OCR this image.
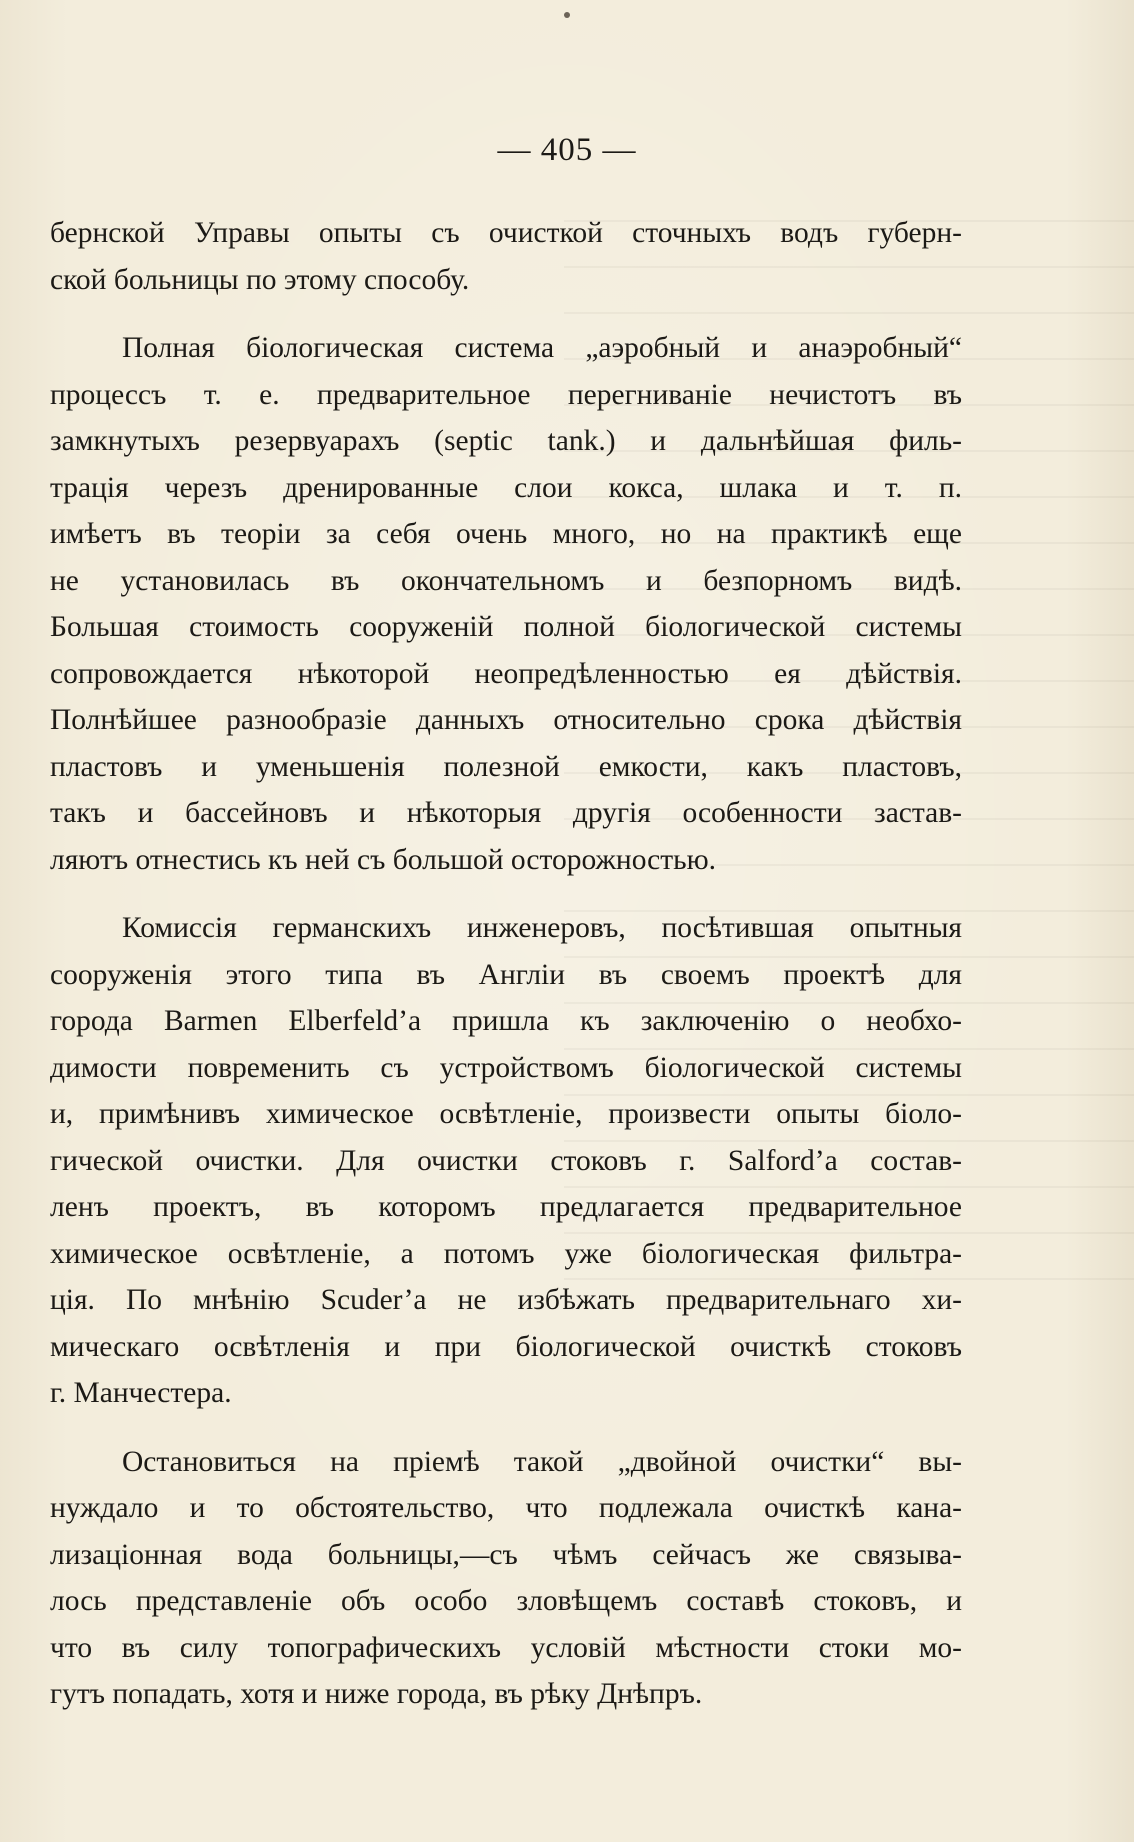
— 405 —

бернской Управы опыты съ очисткой сточныхъ водъ губерн-
ской больницы по этому способу.

Полная біологическая система „аэробный и анаэробный“
процессъ т. е. предварительное перегниваніе нечистотъ въ
замкнутыхъ резервуарахъ (septic tank.) и дальнѣйшая филь-
трація черезъ дренированные слои кокса, шлака и т. п.
имѣетъ въ теоріи за себя очень много, но на практикѣ еще
не установилась въ окончательномъ и безпорномъ видѣ.
Большая стоимость сооруженій полной біологической системы
сопровождается нѣкоторой неопредѣленностью ея дѣйствія.
Полнѣйшее разнообразіе данныхъ относительно срока дѣйствія
пластовъ и уменьшенія полезной емкости, какъ пластовъ,
такъ и бассейновъ и нѣкоторыя другія особенности застав-
ляютъ отнестись къ ней съ большой осторожностью.

Комиссія германскихъ инженеровъ, посѣтившая опытныя
сооруженія этого типа въ Англіи въ своемъ проектѣ для
города Barmen Elberfeld’a пришла къ заключенію о необхо-
димости повременить съ устройствомъ біологической системы
и, примѣнивъ химическое освѣтленіе, произвести опыты біоло-
гической очистки. Для очистки стоковъ г. Salford’a состав-
ленъ проектъ, въ которомъ предлагается предварительное
химическое освѣтленіе, а потомъ уже біологическая фильтра-
ція. По мнѣнію Scuder’a не избѣжать предварительнаго хи-
мическаго освѣтленія и при біологической очисткѣ стоковъ
г. Манчестера.

Остановиться на пріемѣ такой „двойной очистки“ вы-
нуждало и то обстоятельство, что подлежала очисткѣ кана-
лизаціонная вода больницы,—съ чѣмъ сейчасъ же связыва-
лось представленіе объ особо зловѣщемъ составѣ стоковъ, и
что въ силу топографическихъ условій мѣстности стоки мо-
гутъ попадать, хотя и ниже города, въ рѣку Днѣпръ.
